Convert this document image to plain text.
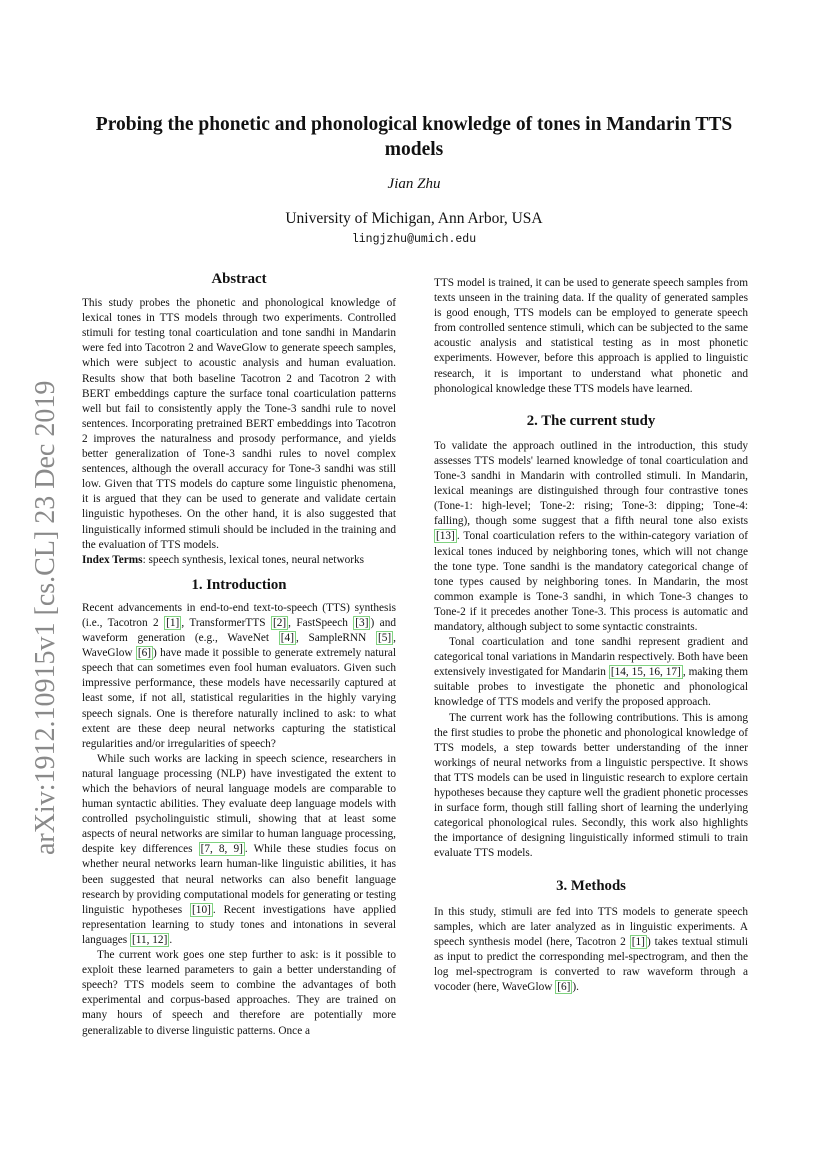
arXiv:1912.10915v1 [cs.CL] 23 Dec 2019
Probing the phonetic and phonological knowledge of tones in Mandarin TTS models
Jian Zhu
University of Michigan, Ann Arbor, USA
lingjzhu@umich.edu
Abstract

This study probes the phonetic and phonological knowledge of lexical tones in TTS models through two experiments. Controlled stimuli for testing tonal coarticulation and tone sandhi in Mandarin were fed into Tacotron 2 and WaveGlow to generate speech samples, which were subject to acoustic analysis and human evaluation. Results show that both baseline Tacotron 2 and Tacotron 2 with BERT embeddings capture the surface tonal coarticulation patterns well but fail to consistently apply the Tone-3 sandhi rule to novel sentences. Incorporating pretrained BERT embeddings into Tacotron 2 improves the naturalness and prosody performance, and yields better generalization of Tone-3 sandhi rules to novel complex sentences, although the overall accuracy for Tone-3 sandhi was still low. Given that TTS models do capture some linguistic phenomena, it is argued that they can be used to generate and validate certain linguistic hypotheses. On the other hand, it is also suggested that linguistically informed stimuli should be included in the training and the evaluation of TTS models.

Index Terms: speech synthesis, lexical tones, neural networks

1. Introduction

Recent advancements in end-to-end text-to-speech (TTS) synthesis (i.e., Tacotron 2 [1] , TransformerTTS [2] , FastSpeech [3] ) and waveform generation (e.g., WaveNet [4] , SampleRNN [5] , WaveGlow [6] ) have made it possible to generate extremely natural speech that can sometimes even fool human evaluators. Given such impressive performance, these models have necessarily captured at least some, if not all, statistical regularities in the highly varying speech signals. One is therefore naturally inclined to ask: to what extent are these deep neural networks capturing the statistical regularities and/or irregularities of speech?

While such works are lacking in speech science, researchers in natural language processing (NLP) have investigated the extent to which the behaviors of neural language models are comparable to human syntactic abilities. They evaluate deep language models with controlled psycholinguistic stimuli, showing that at least some aspects of neural networks are similar to human language processing, despite key differences [7, 8, 9] . While these studies focus on whether neural networks learn human-like linguistic abilities, it has been suggested that neural networks can also benefit language research by providing computational models for generating or testing linguistic hypotheses [10] . Recent investigations have applied representation learning to study tones and intonations in several languages [11, 12] .

The current work goes one step further to ask: is it possible to exploit these learned parameters to gain a better understanding of speech? TTS models seem to combine the advantages of both experimental and corpus-based approaches. They are trained on many hours of speech and therefore are potentially more generalizable to diverse linguistic patterns. Once a

TTS model is trained, it can be used to generate speech samples from texts unseen in the training data. If the quality of generated samples is good enough, TTS models can be employed to generate speech from controlled sentence stimuli, which can be subjected to the same acoustic analysis and statistical testing as in most phonetic experiments. However, before this approach is applied to linguistic research, it is important to understand what phonetic and phonological knowledge these TTS models have learned.

2. The current study

To validate the approach outlined in the introduction, this study assesses TTS models' learned knowledge of tonal coarticulation and Tone-3 sandhi in Mandarin with controlled stimuli. In Mandarin, lexical meanings are distinguished through four contrastive tones (Tone-1: high-level; Tone-2: rising; Tone-3: dipping; Tone-4: falling), though some suggest that a fifth neural tone also exists [13] . Tonal coarticulation refers to the within-category variation of lexical tones induced by neighboring tones, which will not change the tone type. Tone sandhi is the mandatory categorical change of tone types caused by neighboring tones. In Mandarin, the most common example is Tone-3 sandhi, in which Tone-3 changes to Tone-2 if it precedes another Tone-3. This process is automatic and mandatory, although subject to some syntactic constraints.

Tonal coarticulation and tone sandhi represent gradient and categorical tonal variations in Mandarin respectively. Both have been extensively investigated for Mandarin [14, 15, 16, 17] , making them suitable probes to investigate the phonetic and phonological knowledge of TTS models and verify the proposed approach.

The current work has the following contributions. This is among the first studies to probe the phonetic and phonological knowledge of TTS models, a step towards better understanding of the inner workings of neural networks from a linguistic perspective. It shows that TTS models can be used in linguistic research to explore certain hypotheses because they capture well the gradient phonetic processes in surface form, though still falling short of learning the underlying categorical phonological rules. Secondly, this work also highlights the importance of designing linguistically informed stimuli to train evaluate TTS models.

3. Methods

In this study, stimuli are fed into TTS models to generate speech samples, which are later analyzed as in linguistic experiments. A speech synthesis model (here, Tacotron 2 [1] ) takes textual stimuli as input to predict the corresponding mel-spectrogram, and then the log mel-spectrogram is converted to raw waveform through a vocoder (here, WaveGlow [6] ).
